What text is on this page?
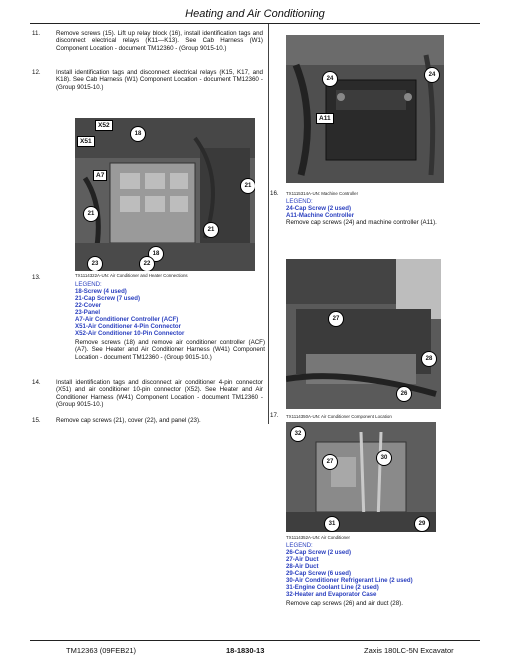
Heating and Air Conditioning
11.	Remove screws (15). Lift up relay block (16), install identification tags and disconnect electrical relays (K11—K13). See Cab Harness (W1) Component Location - document TM12360 - (Group 9015-10.)
12. Install identification tags and disconnect electrical relays (K15, K17, and K18). See Cab Harness (W1) Component Location - document TM12360 - (Group 9015-10.)
X52
X51
A7
18
21
21
21
18
23	22
TX1114322A-UN: Air Conditioner and Heater Connections
13.
LEGEND:
18-Screw (4 used)
21-Cap Screw (7 used)
22-Cover
23-Panel
A7-Air Conditioner Controller (ACF)
X51-Air Conditioner 4-Pin Connector
X52-Air Conditioner 10-Pin Connector
Remove screws (18) and remove air conditioner controller (ACF) (A7). See Heater and Air Conditioner Harness (W41) Component Location - document TM12360 - (Group 9015-10.)
14. Install identification tags and disconnect air conditioner 4-pin connector (X51) and air conditioner 10-pin connector (X52). See Heater and Air Conditioner Harness (W41) Component Location - document TM12360 - (Group 9015-10.)
15. Remove cap screws (21), cover (22), and panel (23).
24
24
A11
16. TX1115314A-UN: Machine Controller
LEGEND:
24-Cap Screw (2 used)
A11-Machine Controller
Remove cap screws (24) and machine controller (A11).
27
28
26
17. TX1114350A-UN: Air Conditioner Component Location
32
27
30
31	29
TX1114352A-UN: Air Conditioner
LEGEND:
26-Cap Screw (2 used)
27-Air Duct
28-Air Duct
29-Cap Screw (6 used)
30-Air Conditioner Refrigerant Line (2 used)
31-Engine Coolant Line (2 used)
32-Heater and Evaporator Case
Remove cap screws (26) and air duct (28).
TM12363 (09FEB21)	18-1830-13	Zaxis 180LC-5N Excavator
